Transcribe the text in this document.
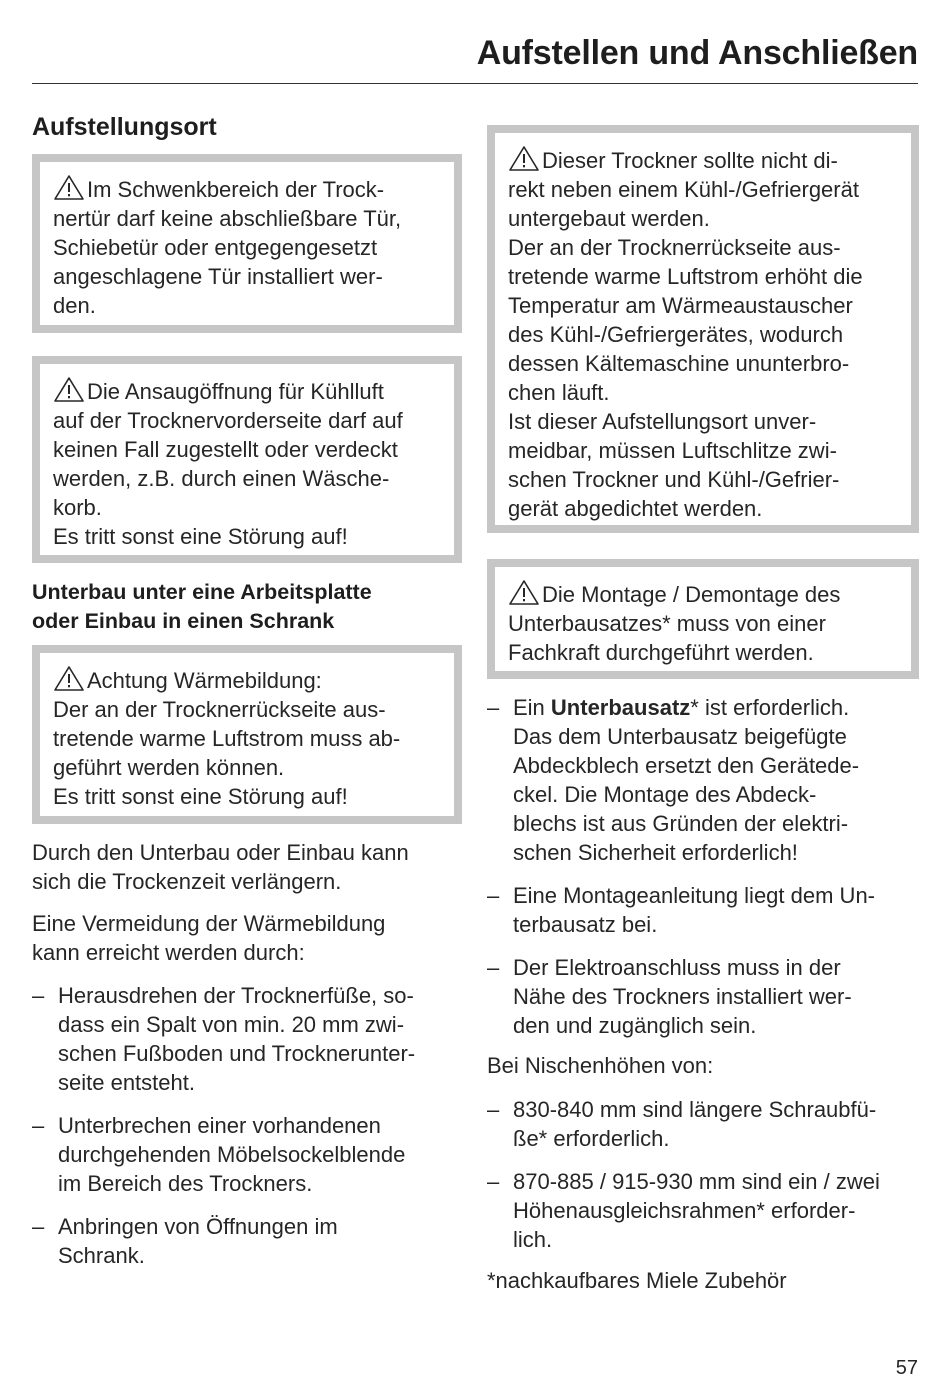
Aufstellen und Anschließen
Aufstellungsort

Im Schwenkbereich der Trock-
nertür darf keine abschließbare Tür,
Schiebetür oder entgegengesetzt
angeschlagene Tür installiert wer-
den.

Die Ansaugöffnung für Kühlluft
auf der Trocknervorderseite darf auf
keinen Fall zugestellt oder verdeckt
werden, z.B. durch einen Wäsche-
korb.
Es tritt sonst eine Störung auf!

Unterbau unter eine Arbeitsplatte
oder Einbau in einen Schrank

Achtung Wärmebildung:
Der an der Trocknerrückseite aus-
tretende warme Luftstrom muss ab-
geführt werden können.
Es tritt sonst eine Störung auf!

Durch den Unterbau oder Einbau kann
sich die Trockenzeit verlängern.

Eine Vermeidung der Wärmebildung
kann erreicht werden durch:

– Herausdrehen der Trocknerfüße, so-
dass ein Spalt von min. 20 mm zwi-
schen Fußboden und Trocknerunter-
seite entsteht.
– Unterbrechen einer vorhandenen
durchgehenden Möbelsockelblende
im Bereich des Trockners.
– Anbringen von Öffnungen im
Schrank.

Dieser Trockner sollte nicht di-
rekt neben einem Kühl-/Gefriergerät
untergebaut werden.
Der an der Trocknerrückseite aus-
tretende warme Luftstrom erhöht die
Temperatur am Wärmeaustauscher
des Kühl-/Gefriergerätes, wodurch
dessen Kältemaschine ununterbro-
chen läuft.
Ist dieser Aufstellungsort unver-
meidbar, müssen Luftschlitze zwi-
schen Trockner und Kühl-/Gefrier-
gerät abgedichtet werden.

Die Montage / Demontage des
Unterbausatzes* muss von einer
Fachkraft durchgeführt werden.

– Ein Unterbausatz* ist erforderlich.
Das dem Unterbausatz beigefügte
Abdeckblech ersetzt den Gerätede-
ckel. Die Montage des Abdeck-
blechs ist aus Gründen der elektri-
schen Sicherheit erforderlich!
– Eine Montageanleitung liegt dem Un-
terbausatz bei.
– Der Elektroanschluss muss in der
Nähe des Trockners installiert wer-
den und zugänglich sein.

Bei Nischenhöhen von:

– 830-840 mm sind längere Schraubfü-
ße* erforderlich.
– 870-885 / 915-930 mm sind ein / zwei
Höhenausgleichsrahmen* erforder-
lich.

*nachkaufbares Miele Zubehör

57
